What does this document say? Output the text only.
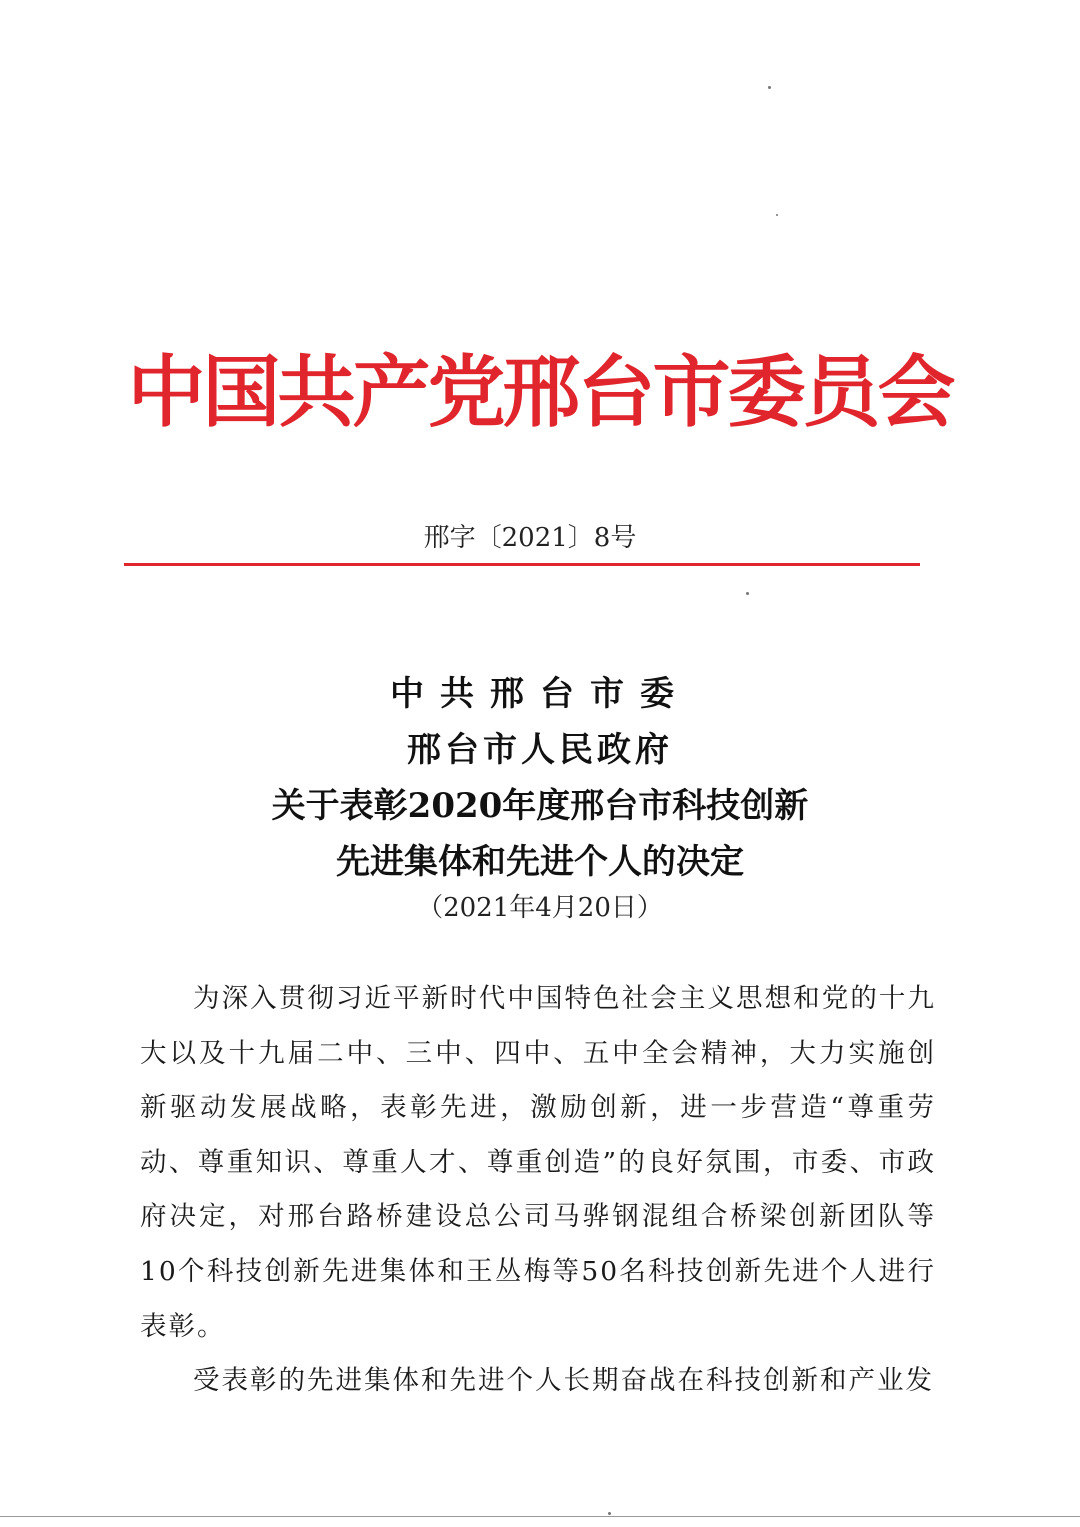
中国共产党邢台市委员会
邢字〔2021〕8号
中共邢台市委
邢台市人民政府
关于表彰2020年度邢台市科技创新
先进集体和先进个人的决定
（2021年4月20日）

为深入贯彻习近平新时代中国特色社会主义思想和党的十九大以及十九届二中、三中、四中、五中全会精神，大力实施创新驱动发展战略，表彰先进，激励创新，进一步营造“尊重劳动、尊重知识、尊重人才、尊重创造”的良好氛围，市委、市政府决定，对邢台路桥建设总公司马骅钢混组合桥梁创新团队等10个科技创新先进集体和王丛梅等50名科技创新先进个人进行表彰。

受表彰的先进集体和先进个人长期奋战在科技创新和产业发
